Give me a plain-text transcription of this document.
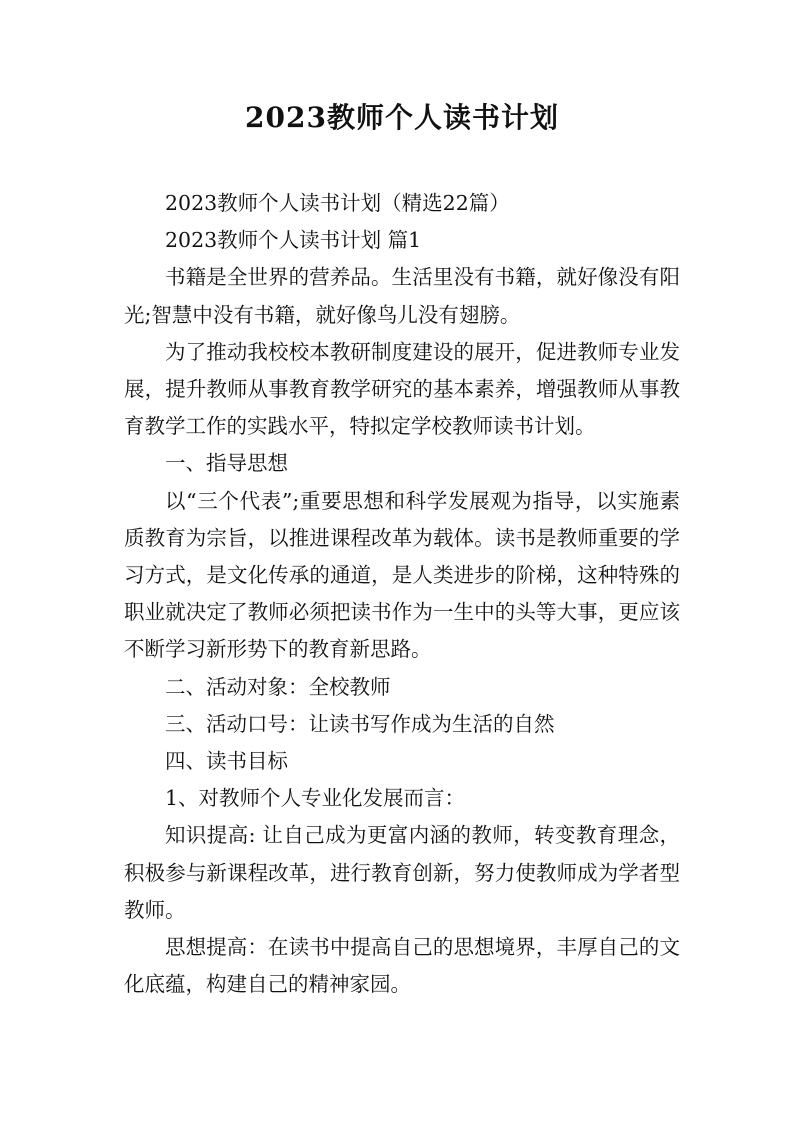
2023教师个人读书计划

2023教师个人读书计划（精选22篇）

2023教师个人读书计划 篇1

书籍是全世界的营养品。生活里没有书籍，就好像没有阳光;智慧中没有书籍，就好像鸟儿没有翅膀。

为了推动我校校本教研制度建设的展开，促进教师专业发展，提升教师从事教育教学研究的基本素养，增强教师从事教育教学工作的实践水平，特拟定学校教师读书计划。

一、指导思想

以“三个代表”;重要思想和科学发展观为指导，以实施素质教育为宗旨，以推进课程改革为载体。读书是教师重要的学习方式，是文化传承的通道，是人类进步的阶梯，这种特殊的职业就决定了教师必须把读书作为一生中的头等大事，更应该不断学习新形势下的教育新思路。

二、活动对象：全校教师

三、活动口号：让读书写作成为生活的自然

四、读书目标

1、对教师个人专业化发展而言：

知识提高: 让自己成为更富内涵的教师，转变教育理念，积极参与新课程改革，进行教育创新，努力使教师成为学者型教师。

思想提高：在读书中提高自己的思想境界，丰厚自己的文化底蕴，构建自己的精神家园。
